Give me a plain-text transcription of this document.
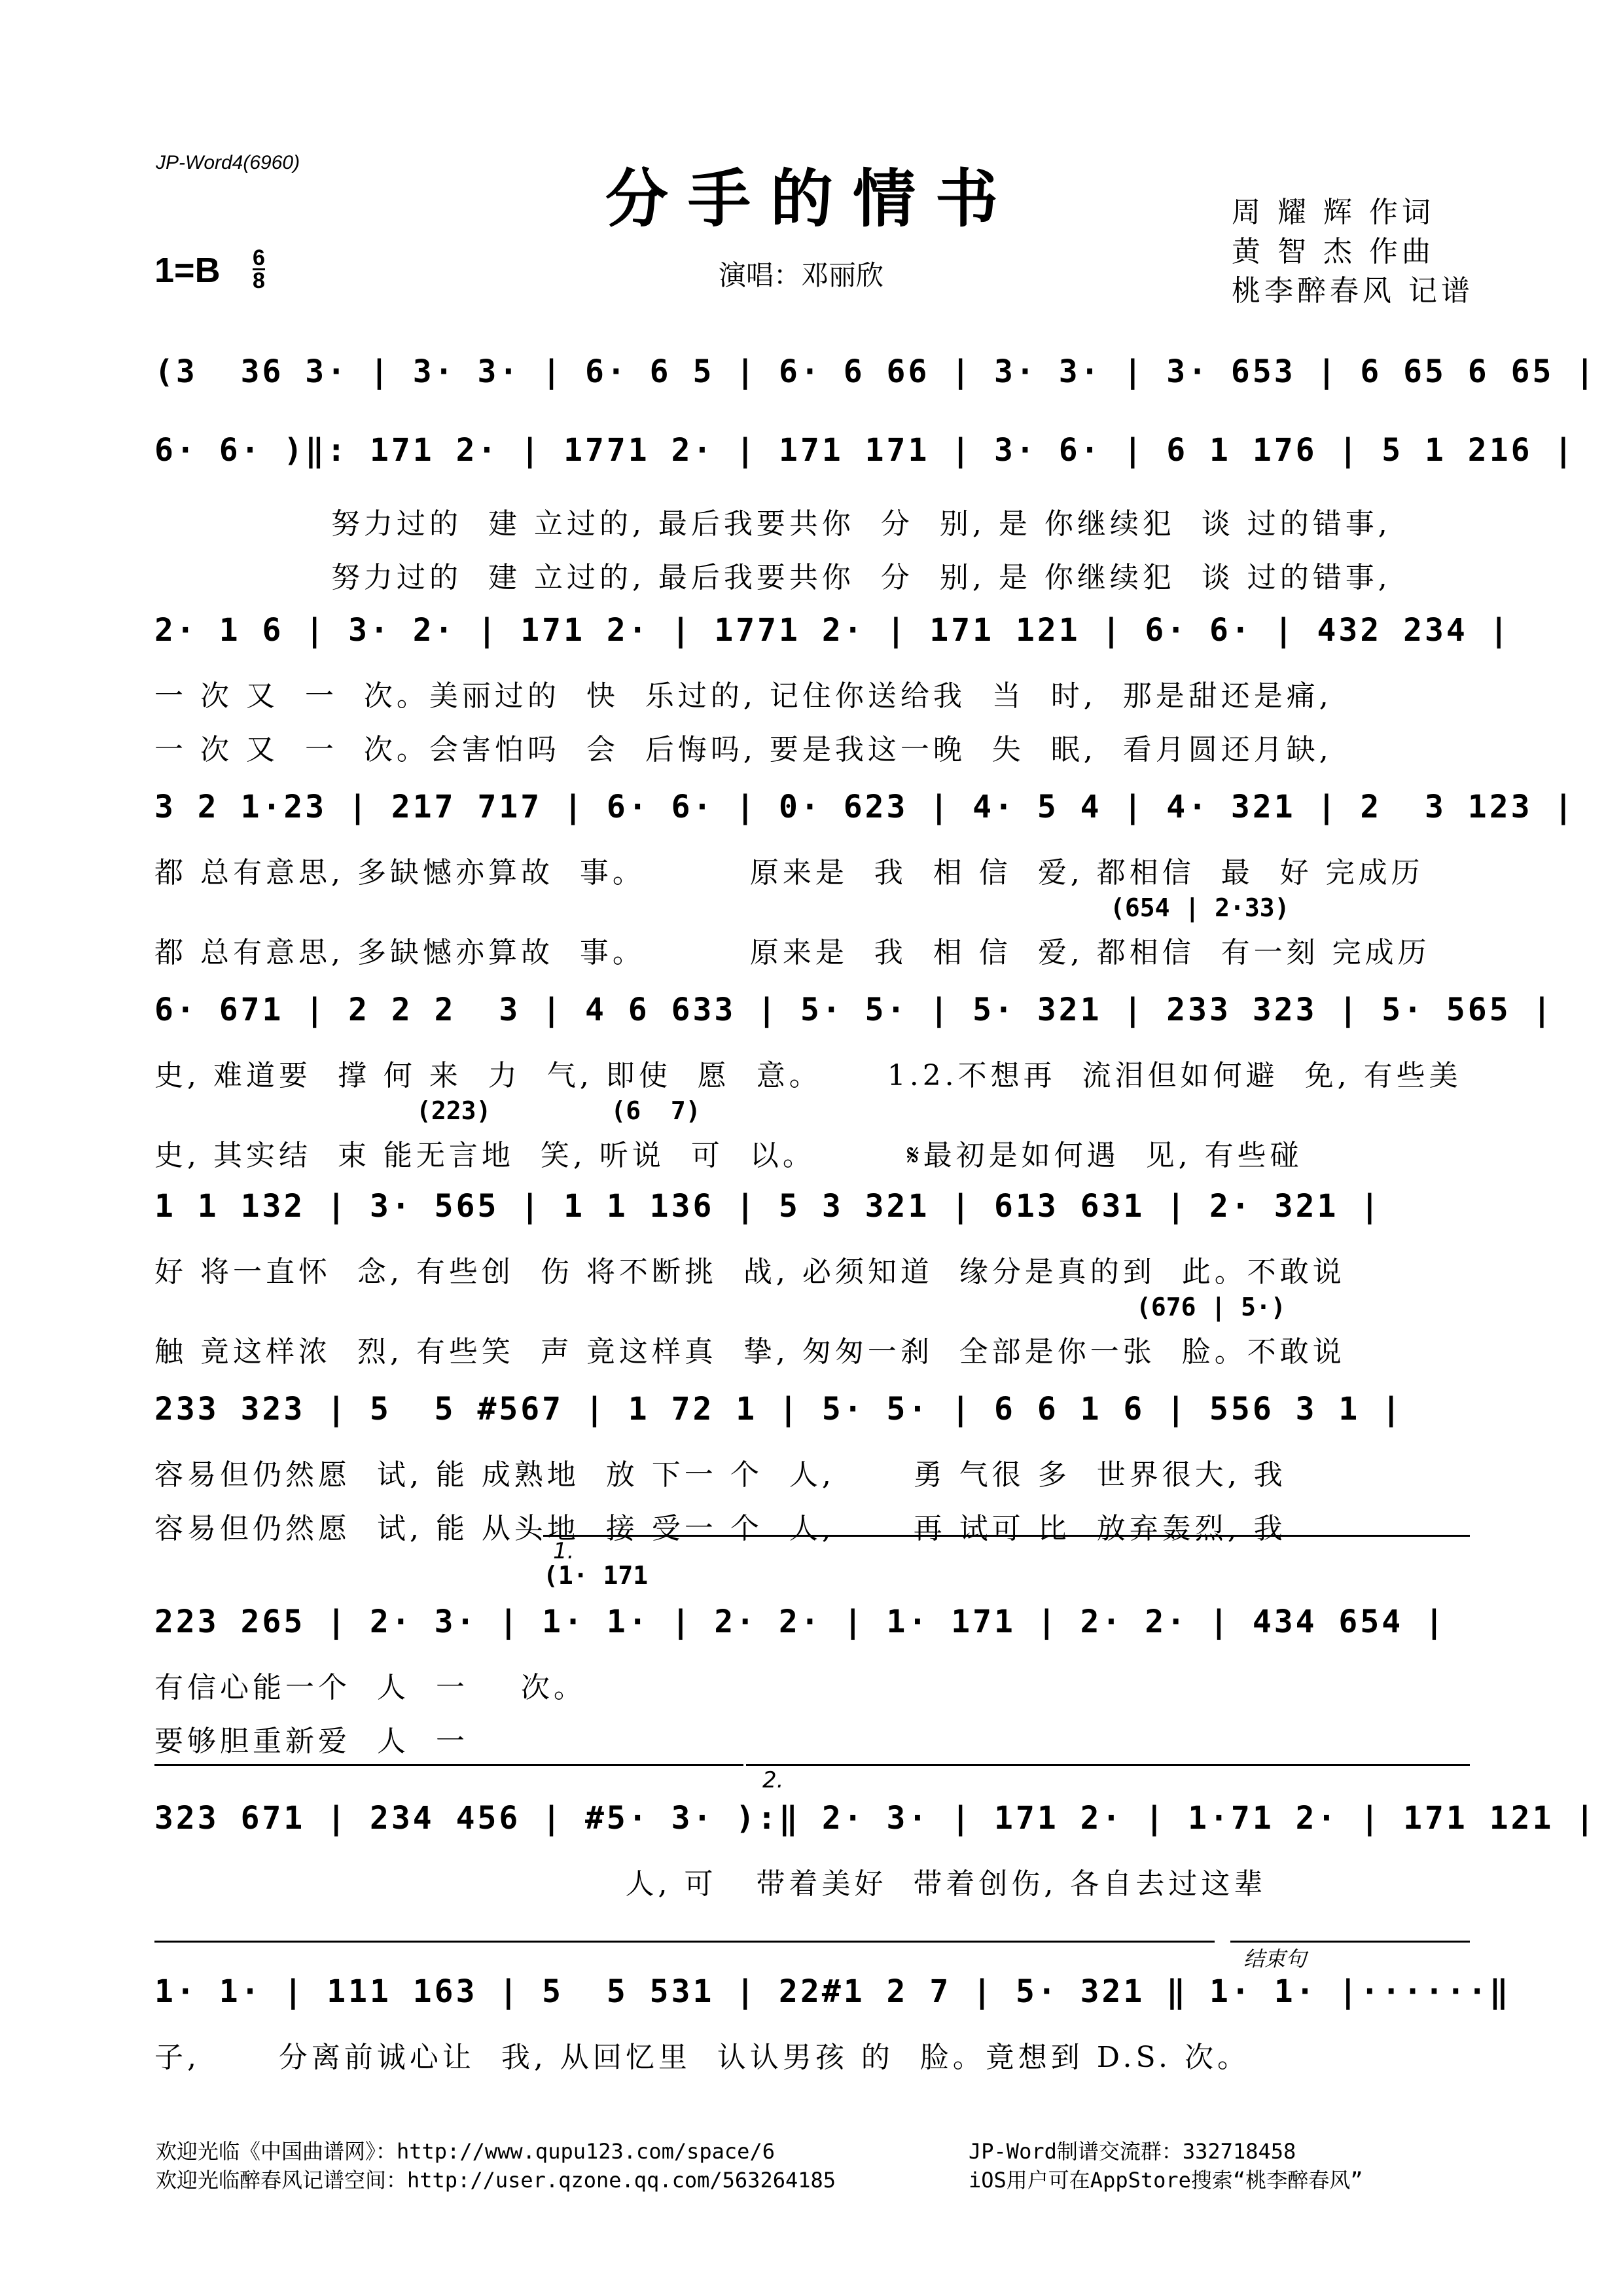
JP-Word4(6960)	分手的情书
演唱：邓丽欣
1=B 6
8
周 耀 辉 作词
黄 智 杰 作曲
桃李醉春风 记谱
(3  36 3· | 3· 3· | 6· 6 5 | 6· 6 66 | 3· 3· | 3· 653 | 6 65 6 65 |
6· 6· )‖: 171 2· | 1771 2· | 171 171 | 3· 6· | 6 1 176 | 5 1 216 |
努力过的  建 立过的, 最后我要共你  分  别, 是 你继续犯  谈 过的错事,
努力过的  建 立过的, 最后我要共你  分  别, 是 你继续犯  谈 过的错事,
2· 1 6 | 3· 2· | 171 2· | 1771 2· | 171 121 | 6· 6· | 432 234 |
一 次 又  一  次。美丽过的  快  乐过的, 记住你送给我  当  时,  那是甜还是痛,
一 次 又  一  次。会害怕吗  会  后悔吗, 要是我这一晚  失  眠,  看月圆还月缺,
3 2 1·23 | 217 717 | 6· 6· | 0· 623 | 4· 5 4 | 4· 321 | 2  3 123 |
都 总有意思, 多缺憾亦算故  事。        原来是  我  相 信  爱, 都相信  最  好 完成历
(654 | 2·33)
都 总有意思, 多缺憾亦算故  事。        原来是  我  相 信  爱, 都相信  有一刻 完成历
6· 671 | 2 2 2  3 | 4 6 633 | 5· 5· | 5· 321 | 233 323 | 5· 565 |
史, 难道要  撑 何 来  力  气, 即使  愿  意。     1.2.不想再  流泪但如何避  免, 有些美
(223)        (6  7)
史, 其实结  束 能无言地  笑, 听说  可  以。       𝄋最初是如何遇  见, 有些碰
1 1 132 | 3· 565 | 1 1 136 | 5 3 321 | 613 631 | 2· 321 |
好 将一直怀  念, 有些创  伤 将不断挑  战, 必须知道  缘分是真的到  此。不敢说
(676 | 5·)
触 竟这样浓  烈, 有些笑  声 竟这样真  挚, 匆匆一刹  全部是你一张  脸。不敢说
233 323 | 5  5 #567 | 1 72 1 | 5· 5· | 6 6 1 6 | 556 3 1 |
容易但仍然愿  试, 能 成熟地  放 下一 个  人,      勇 气很 多  世界很大, 我
容易但仍然愿  试, 能 从头地  接 受一 个  人,      再 试可 比  放弃轰烈, 我
1.
(1· 171
223 265 | 2· 3· | 1· 1· | 2· 2· | 1· 171 | 2· 2· | 434 654 |
有信心能一个  人  一    次。
要够胆重新爱  人  一
2.
323 671 | 234 456 | #5· 3· ):‖ 2· 3· | 171 2· | 1·71 2· | 171 121 |
人, 可   带着美好  带着创伤, 各自去过这辈
结束句
1· 1· | 111 163 | 5  5 531 | 22#1 2 7 | 5· 321 ‖ 1· 1· |······‖
子,      分离前诚心让  我, 从回忆里  认认男孩 的  脸。竟想到 D.S. 次。
欢迎光临《中国曲谱网》：http://www.qupu123.com/space/6	JP-Word制谱交流群：332718458
欢迎光临醉春风记谱空间：http://user.qzone.qq.com/563264185	iOS用户可在AppStore搜索“桃李醉春风”
